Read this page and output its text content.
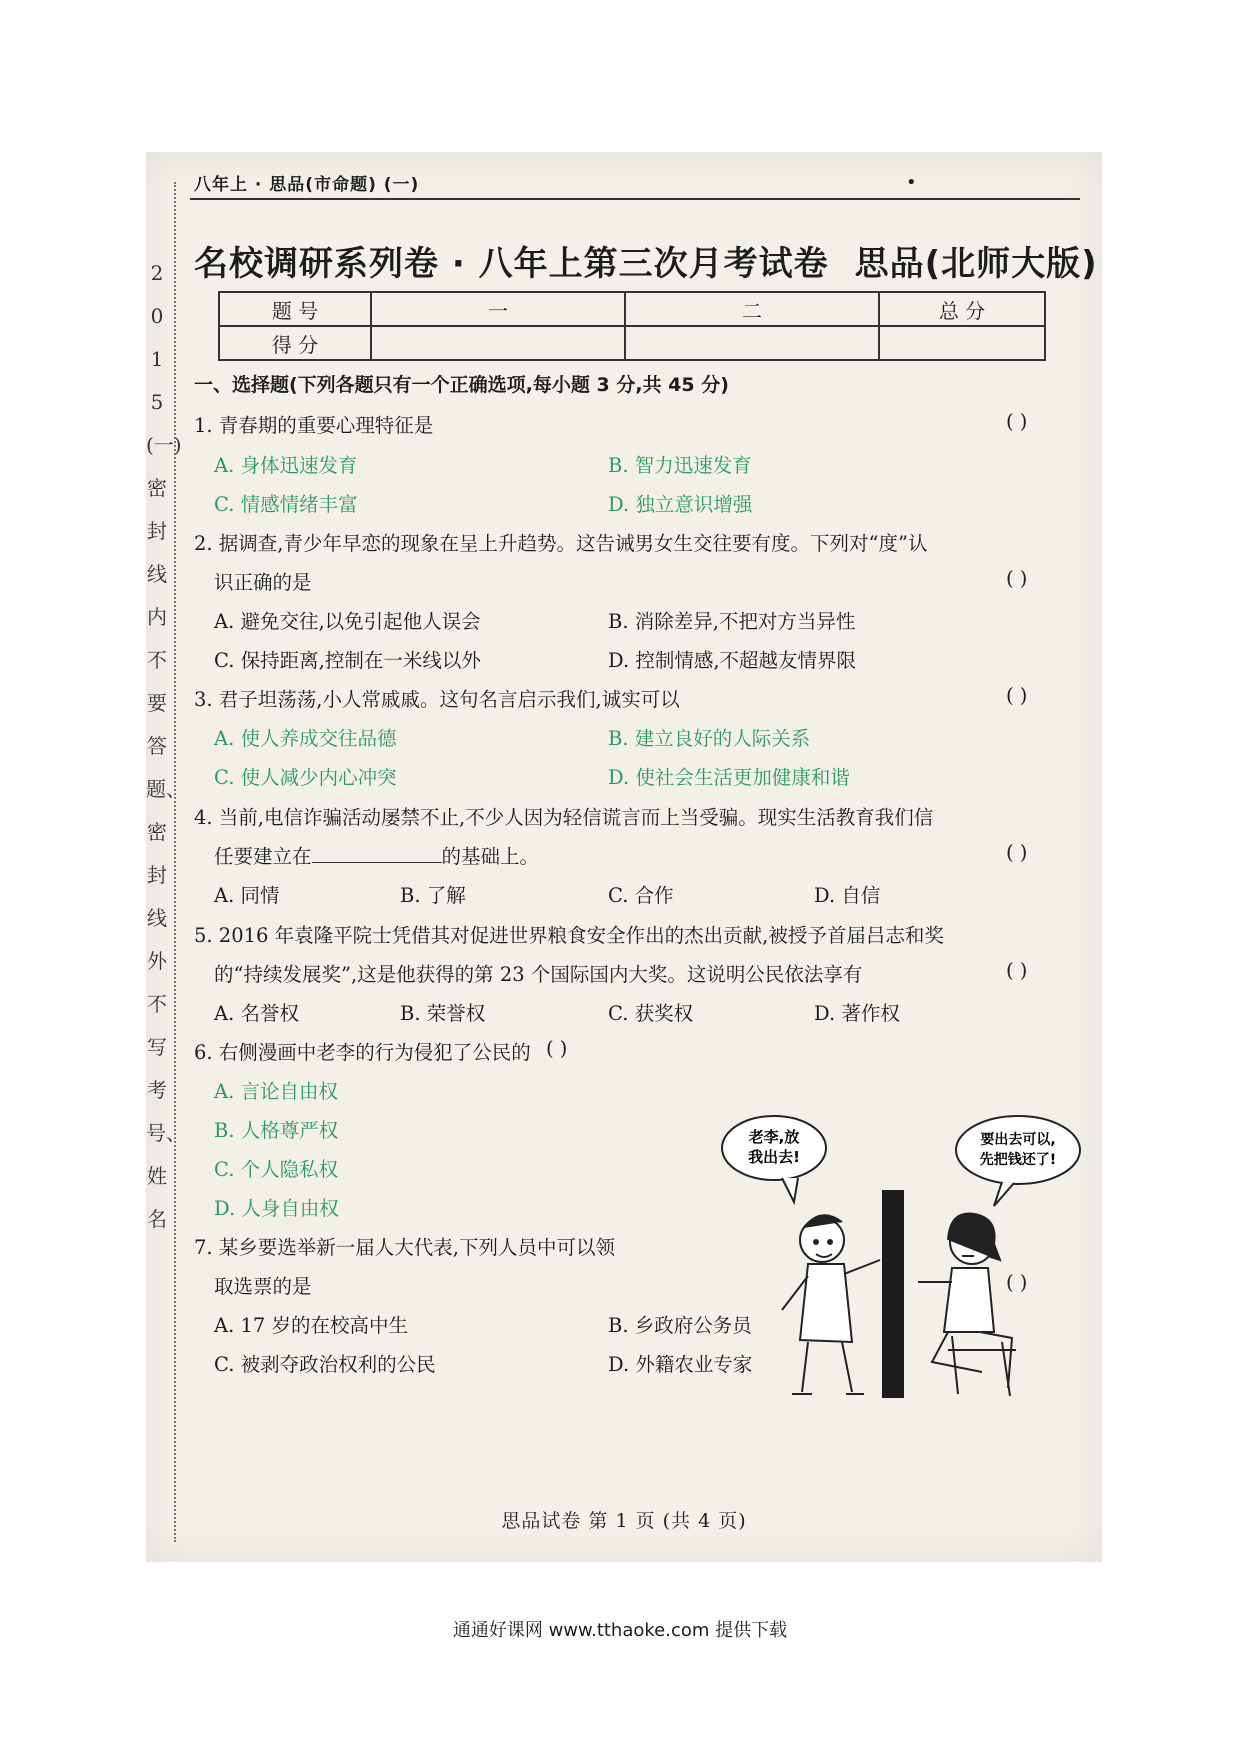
2015(一)密封线内不要答题、密封线外不写考号、姓名
八年上 · 思品(市命题) (一)	•
名校调研系列卷 · 八年上第三次月考试卷 思品(北师大版)
题 号	一	二	总 分
得 分			
一、选择题(下列各题只有一个正确选项,每小题 3 分,共 45 分)
1. 青春期的重要心理特征是	( )
A. 身体迅速发育	B. 智力迅速发育
C. 情感情绪丰富	D. 独立意识增强
2. 据调查,青少年早恋的现象在呈上升趋势。这告诫男女生交往要有度。下列对“度”认
识正确的是	( )
A. 避免交往,以免引起他人误会	B. 消除差异,不把对方当异性
C. 保持距离,控制在一米线以外	D. 控制情感,不超越友情界限
3. 君子坦荡荡,小人常戚戚。这句名言启示我们,诚实可以	( )
A. 使人养成交往品德	B. 建立良好的人际关系
C. 使人减少内心冲突	D. 使社会生活更加健康和谐
4. 当前,电信诈骗活动屡禁不止,不少人因为轻信谎言而上当受骗。现实生活教育我们信
任要建立在	的基础上。	( )
A. 同情	B. 了解	C. 合作	D. 自信
5. 2016 年袁隆平院士凭借其对促进世界粮食安全作出的杰出贡献,被授予首届吕志和奖
的“持续发展奖”,这是他获得的第 23 个国际国内大奖。这说明公民依法享有	( )
A. 名誉权	B. 荣誉权	C. 获奖权	D. 著作权
6. 右侧漫画中老李的行为侵犯了公民的 ( )
A. 言论自由权
B. 人格尊严权
C. 个人隐私权
D. 人身自由权
老李,放
我出去!
要出去可以,
先把钱还了!
7. 某乡要选举新一届人大代表,下列人员中可以领
取选票的是	( )
A. 17 岁的在校高中生	B. 乡政府公务员
C. 被剥夺政治权利的公民	D. 外籍农业专家
思品试卷 第 1 页 (共 4 页)
通通好课网 www.tthaoke.com 提供下载
